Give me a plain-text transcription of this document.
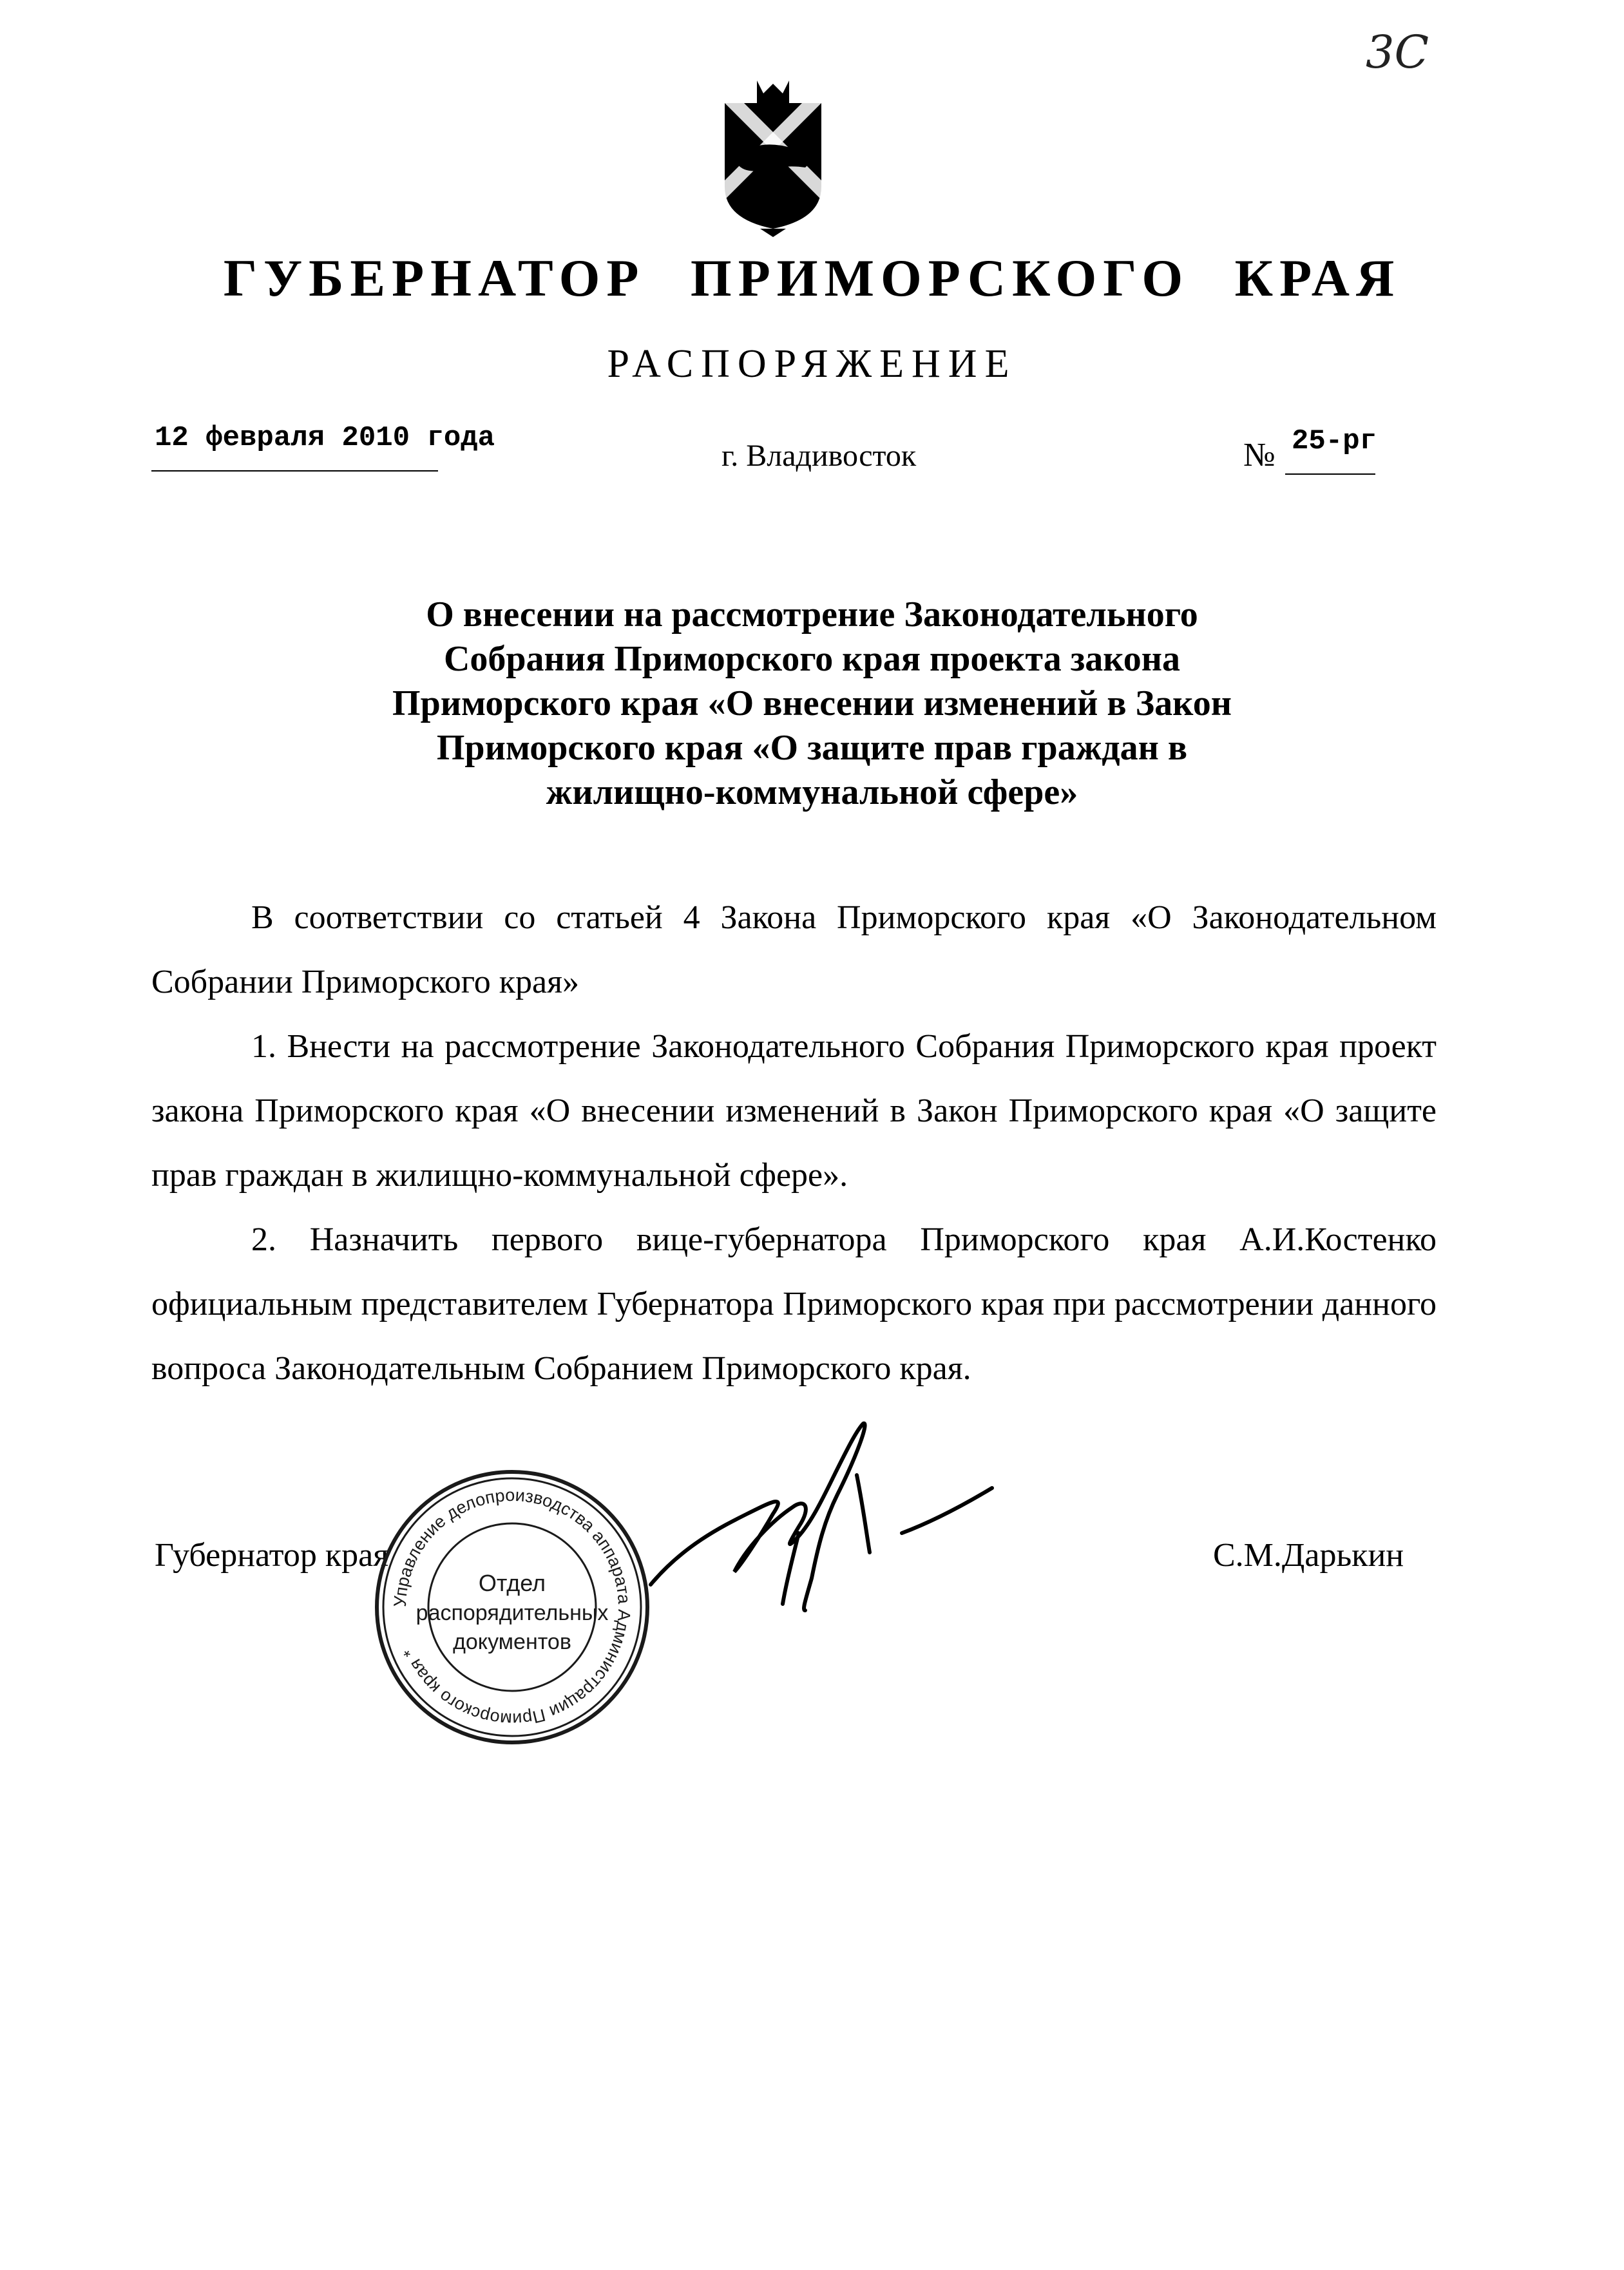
3C
ГУБЕРНАТОР ПРИМОРСКОГО КРАЯ
РАСПОРЯЖЕНИЕ
12 февраля 2010 года
г. Владивосток	№ 25-рг
О внесении на рассмотрение Законодательного
Собрания Приморского края проекта закона
Приморского края «О внесении изменений в Закон
Приморского края «О защите прав граждан в
жилищно-коммунальной сфере»

В соответствии со статьей 4 Закона Приморского края «О Законодательном Собрании Приморского края»

1. Внести на рассмотрение Законодательного Собрания Приморского края проект закона Приморского края «О внесении изменений в Закон Приморского края «О защите прав граждан в жилищно-коммунальной сфере».

2. Назначить первого вице-губернатора Приморского края А.И.Костенко официальным представителем Губернатора Приморского края при рассмотрении данного вопроса Законодательным Собранием Приморского края.

Губернатор края	С.М.Дарькин
Управление делопроизводства аппарата Администрации Приморского края *
Отдел
распорядительных
документов
